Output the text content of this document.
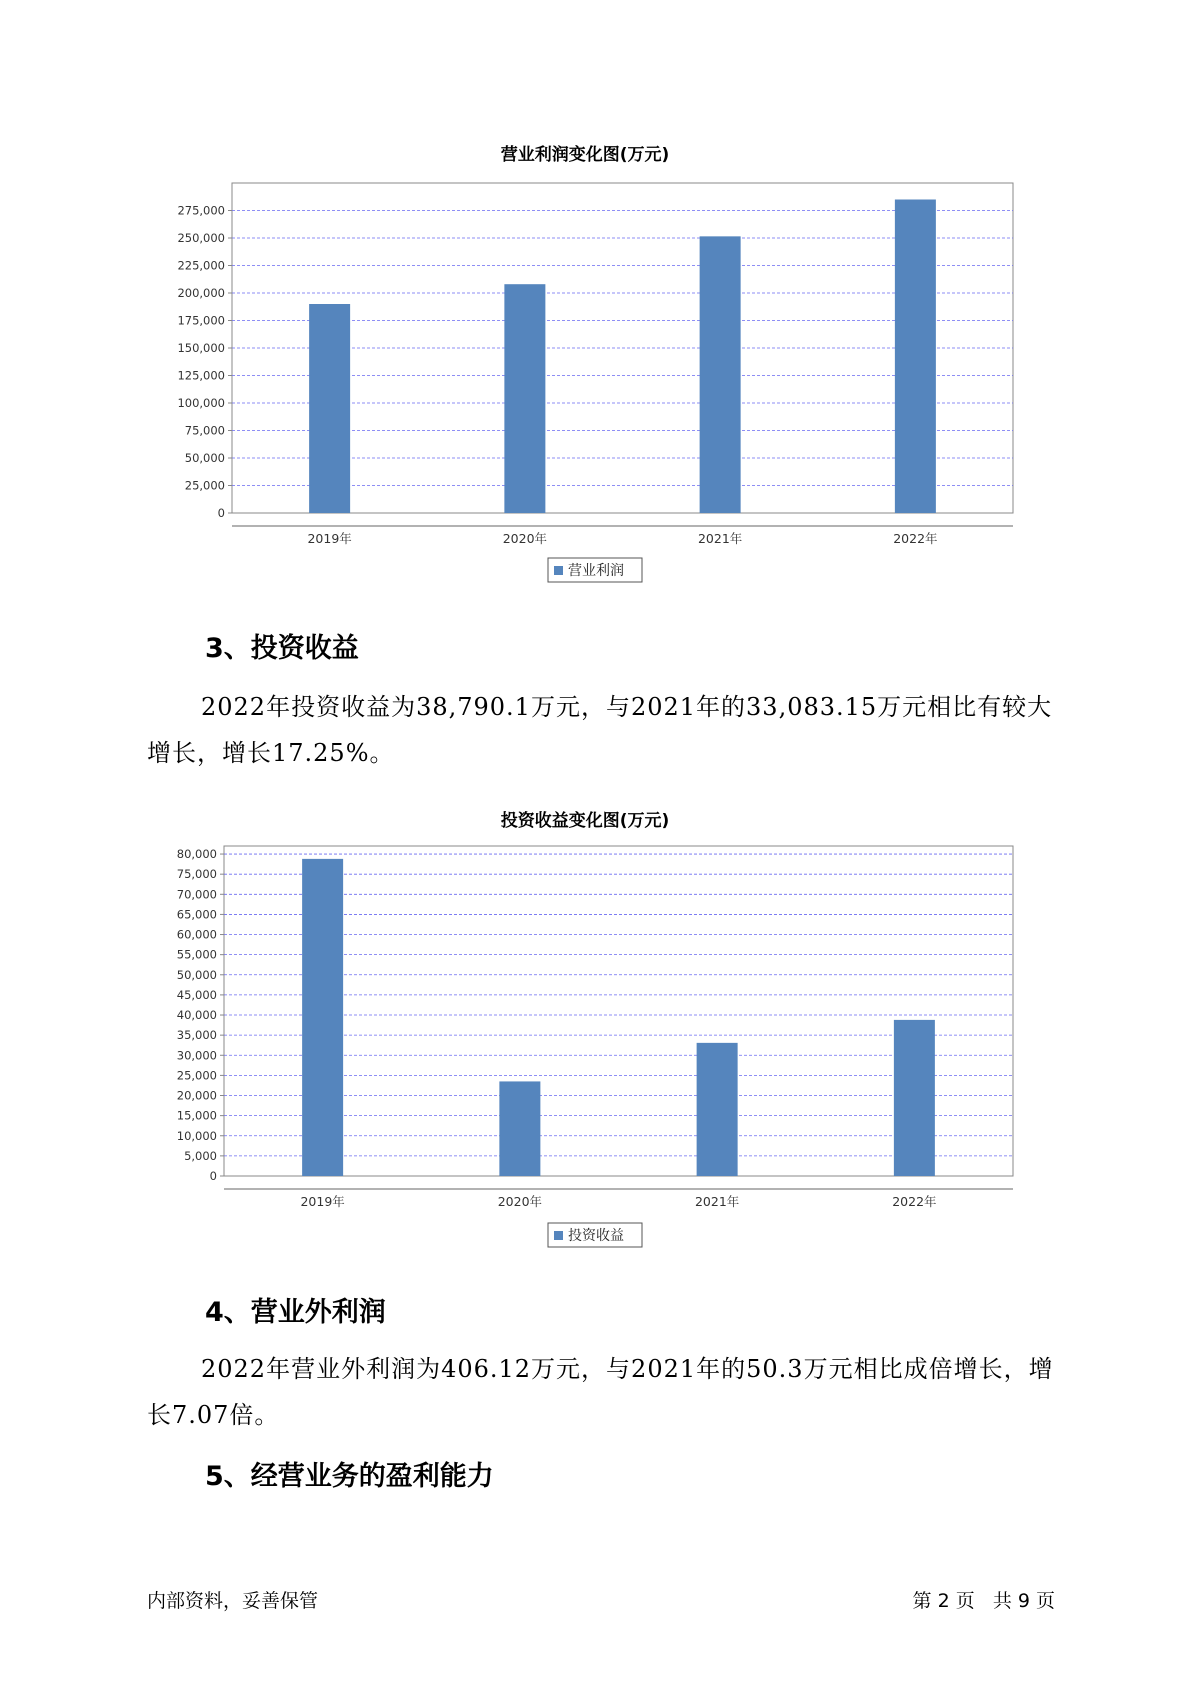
营业利润变化图(万元)
0
25,000
50,000
75,000
100,000
125,000
150,000
175,000
200,000
225,000
250,000
275,000
2019年	2020年	2021年	2022年
营业利润
3、投资收益
2022年投资收益为38,790.1万元，与2021年的33,083.15万元相比有较大增长，增长17.25%。
投资收益变化图(万元)
0
5,000
10,000
15,000
20,000
25,000
30,000
35,000
40,000
45,000
50,000
55,000
60,000
65,000
70,000
75,000
80,000
2019年	2020年	2021年	2022年
投资收益
4、营业外利润
2022年营业外利润为406.12万元，与2021年的50.3万元相比成倍增长，增长7.07倍。
5、经营业务的盈利能力
内部资料，妥善保管	第 2 页   共 9 页
